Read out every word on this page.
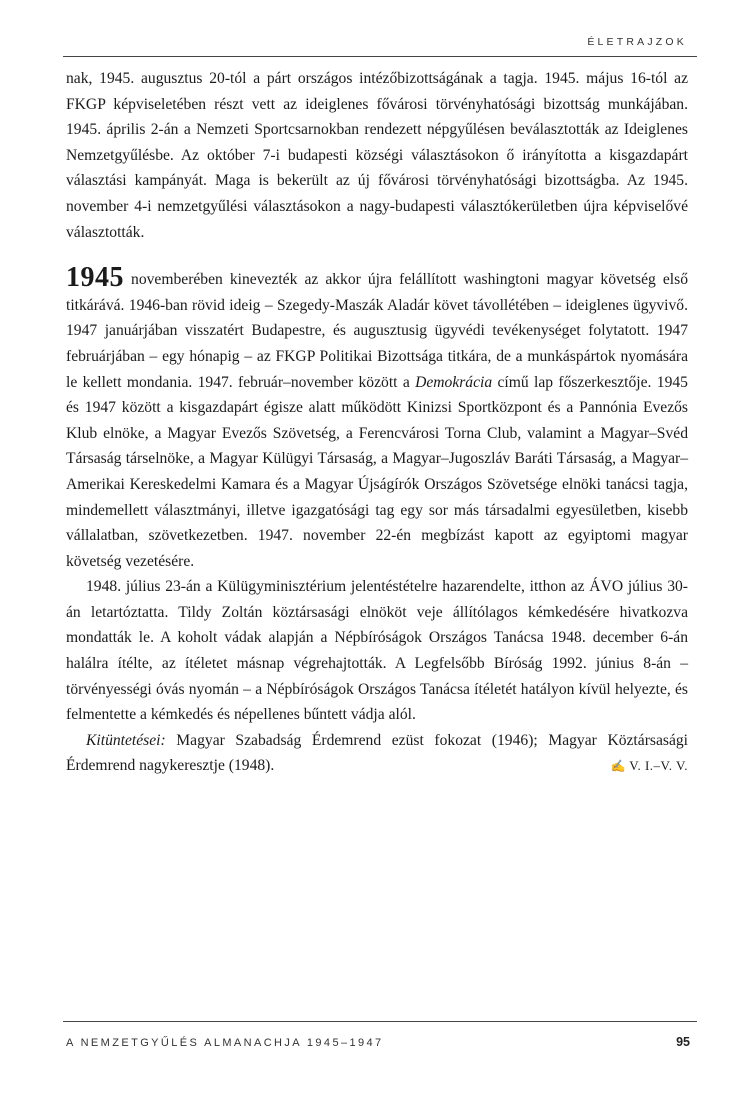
ÉLETRAJZOK

nak, 1945. augusztus 20-tól a párt országos intézőbizottságának a tagja. 1945. május 16-tól az FKGP képviseletében részt vett az ideiglenes fővárosi törvényhatósági bizottság munkájában. 1945. április 2-án a Nemzeti Sportcsarnokban rendezett népgyűlésen beválasztották az Ideiglenes Nemzetgyűlésbe. Az október 7-i budapesti községi választásokon ő irányította a kisgazdapárt választási kampányát. Maga is bekerült az új fővárosi törvényhatósági bizottságba. Az 1945. november 4-i nemzetgyűlési választásokon a nagy-budapesti választókerületben újra képviselővé választották.

1945 novemberében kinevezték az akkor újra felállított washingtoni magyar követség első titkárává. 1946-ban rövid ideig – Szegedy-Maszák Aladár követ távollétében – ideiglenes ügyvivő. 1947 januárjában visszatért Budapestre, és augusztusig ügyvédi tevékenységet folytatott. 1947 februárjában – egy hónapig – az FKGP Politikai Bizottsága titkára, de a munkáspártok nyomására le kellett mondania. 1947. február–november között a Demokrácia című lap főszerkesztője. 1945 és 1947 között a kisgazdapárt égisze alatt működött Kinizsi Sportközpont és a Pannónia Evezős Klub elnöke, a Magyar Evezős Szövetség, a Ferencvárosi Torna Club, valamint a Magyar–Svéd Társaság társelnöke, a Magyar Külügyi Társaság, a Magyar–Jugoszláv Baráti Társaság, a Magyar–Amerikai Kereskedelmi Kamara és a Magyar Újságírók Országos Szövetsége elnöki tanácsi tagja, mindemellett választmányi, illetve igazgatósági tag egy sor más társadalmi egyesületben, kisebb vállalatban, szövetkezetben. 1947. november 22-én megbízást kapott az egyiptomi magyar követség vezetésére.

1948. július 23-án a Külügyminisztérium jelentéstételre hazarendelte, itthon az ÁVO július 30-án letartóztatta. Tildy Zoltán köztársasági elnököt veje állítólagos kémkedésére hivatkozva mondatták le. A koholt vádak alapján a Népbíróságok Országos Tanácsa 1948. december 6-án halálra ítélte, az ítéletet másnap végrehajtották. A Legfelsőbb Bíróság 1992. június 8-án – törvényességi óvás nyomán – a Népbíróságok Országos Tanácsa ítéletét hatályon kívül helyezte, és felmentette a kémkedés és népellenes bűntett vádja alól.

Kitüntetései: Magyar Szabadság Érdemrend ezüst fokozat (1946); Magyar Köztársasági Érdemrend nagykeresztje (1948).	✍ V. I.–V. V.

A NEMZETGYŰLÉS ALMANACHJA 1945–1947	95
